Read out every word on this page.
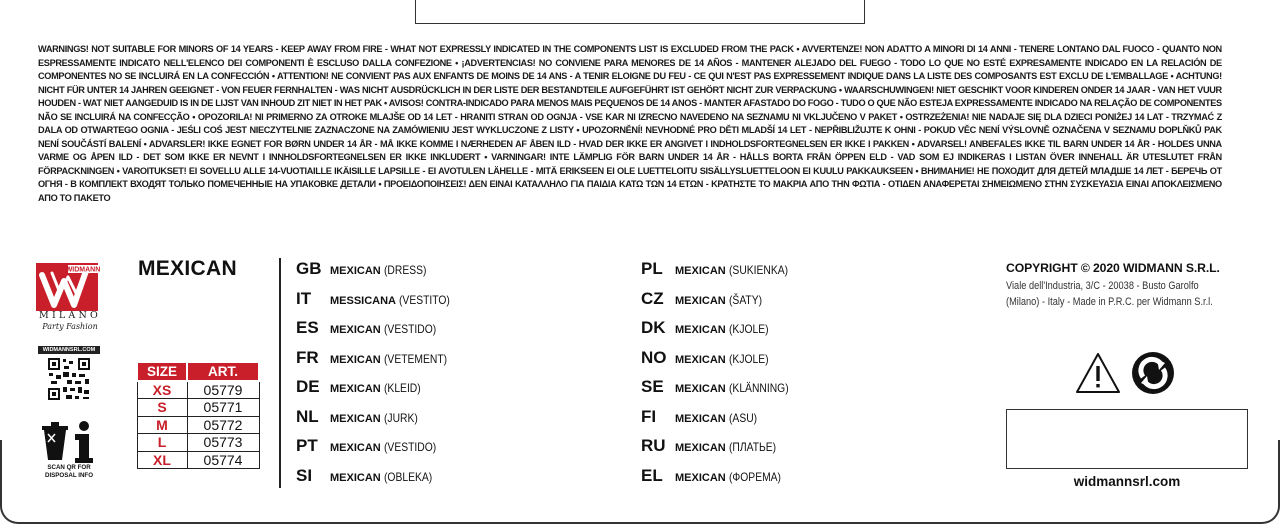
WARNINGS! NOT SUITABLE FOR MINORS OF 14 YEARS - KEEP AWAY FROM FIRE - WHAT NOT EXPRESSLY INDICATED IN THE COMPONENTS LIST IS EXCLUDED FROM THE PACK • AVVERTENZE! NON ADATTO A MINORI DI 14 ANNI - TENERE LONTANO DAL FUOCO - QUANTO NON ESPRESSAMENTE INDICATO NELL'ELENCO DEI COMPONENTI È ESCLUSO DALLA CONFEZIONE • ¡ADVERTENCIAS! NO CONVIENE PARA MENORES DE 14 AÑOS - MANTENER ALEJADO DEL FUEGO - TODO LO QUE NO ESTÉ EXPRESAMENTE INDICADO EN LA RELACIÓN DE COMPONENTES NO SE INCLUIRÁ EN LA CONFECCIÓN • ATTENTION! NE CONVIENT PAS AUX ENFANTS DE MOINS DE 14 ANS - A TENIR ELOIGNE DU FEU - CE QUI N'EST PAS EXPRESSEMENT INDIQUE DANS LA LISTE DES COMPOSANTS EST EXCLU DE L'EMBALLAGE • ACHTUNG! NICHT FÜR UNTER 14 JAHREN GEEIGNET - VON FEUER FERNHALTEN - WAS NICHT AUSDRÜCKLICH IN DER LISTE DER BESTANDTEILE AUFGEFÜHRT IST GEHÖRT NICHT ZUR VERPACKUNG • WAARSCHUWINGEN! NIET GESCHIKT VOOR KINDEREN ONDER 14 JAAR - VAN HET VUUR HOUDEN - WAT NIET AANGEDUID IS IN DE LIJST VAN INHOUD ZIT NIET IN HET PAK • AVISOS! CONTRA-INDICADO PARA MENOS MAIS PEQUENOS DE 14 ANOS - MANTER AFASTADO DO FOGO - TUDO O QUE NÃO ESTEJA EXPRESSAMENTE INDICADO NA RELAÇÃO DE COMPONENTES NÃO SE INCLUIRÁ NA CONFECÇÃO • OPOZORILA! NI PRIMERNO ZA OTROKE MLAJŠE OD 14 LET - HRANITI STRAN OD OGNJA - VSE KAR NI IZRECNO NAVEDENO NA SEZNAMU NI VKLJUČENO V PAKET • OSTRZEŻENIA! NIE NADAJE SIĘ DLA DZIECI PONIŻEJ 14 LAT - TRZYMAĆ Z DALA OD OTWARTEGO OGNIA - JEŚLI COŚ JEST NIECZYTELNIE ZAZNACZONE NA ZAMÓWIENIU JEST WYKLUCZONE Z LISTY • UPOZORNĚNÍ! NEVHODNÉ PRO DĚTI MLADŠÍ 14 LET - NEPŘIBLIŽUJTE K OHNI - POKUD VĚC NENÍ VÝSLOVNĚ OZNAČENA V SEZNAMU DOPLŇKŮ PAK NENÍ SOUČÁSTÍ BALENÍ • ADVARSLER! IKKE EGNET FOR BØRN UNDER 14 ÅR - MÅ IKKE KOMME I NÆRHEDEN AF ÅBEN ILD - HVAD DER IKKE ER ANGIVET I INDHOLDSFORTEGNELSEN ER IKKE I PAKKEN • ADVARSEL! ANBEFALES IKKE TIL BARN UNDER 14 ÅR - HOLDES UNNA VARME OG ÅPEN ILD - DET SOM IKKE ER NEVNT I INNHOLDSFORTEGNELSEN ER IKKE INKLUDERT • VARNINGAR! INTE LÄMPLIG FÖR BARN UNDER 14 ÅR - HÅLLS BORTA FRÅN ÖPPEN ELD - VAD SOM EJ INDIKERAS I LISTAN ÖVER INNEHALL ÄR UTESLUTET FRÅN FÖRPACKNINGEN • VAROITUKSET! EI SOVELLU ALLE 14-VUOTIAILLE IKÄISILLE LAPSILLE - EI AVOTULEN LÄHELLE - MITÄ ERIKSEEN EI OLE LUETTELOITU SISÄLLYSLUETTELOON EI KUULU PAKKAUKSEEN • ВНИМАНИЕ! НЕ ПОХОДИТ ДЛЯ ДЕТЕЙ МЛАДШЕ 14 ЛЕТ - БЕРЕЧЬ ОТ ОГНЯ - В КОМПЛЕКТ ВХОДЯТ ТОЛЬКО ПОМЕЧЕННЫЕ НА УПАКОВКЕ ДЕТАЛИ • ΠΡΟΕΙΔΟΠΟΙΗΣΕΙΣ! ΔΕΝ ΕΙΝΑΙ ΚΑΤΑΛΛΗΛΟ ΓΙΑ ΠΑΙΔΙΑ ΚΑΤΩ ΤΩΝ 14 ΕΤΩΝ - ΚΡΑΤΗΣΤΕ ΤΟ ΜΑΚΡΙΑ ΑΠΟ ΤΗΝ ΦΩΤΙΑ - ΟΤΙΔΕΝ ΑΝΑΦΕΡΕΤΑΙ ΣΗΜΕΙΩΜΕΝΟ ΣΤΗΝ ΣΥΣΚΕΥΑΣΙΑ ΕΙΝΑΙ ΑΠΟΚΛΕΙΣΜΕΝΟ ΑΠΟ ΤΟ ΠΑΚΕΤΟ

WIDMANN
MILANO
Party Fashion
WIDMANNSRL.COM
SCAN QR FOR
DISPOSAL INFO
MEXICAN
SIZE	ART.
XS	05779
S	05771
M	05772
L	05773
XL	05774
GB MEXICAN (DRESS)
IT	MESSICANA (VESTITO)
ES	MEXICAN (VESTIDO)
FR	MEXICAN (VETEMENT)
DE MEXICAN (KLEID)
NL	MEXICAN (JURK)
PT	MEXICAN (VESTIDO)
SI	MEXICAN (OBLEKA)
PL	MEXICAN (SUKIENKA)
CZ	MEXICAN (ŠATY)
DK MEXICAN (KJOLE)
NO MEXICAN (KJOLE)
SE	MEXICAN (KLÄNNING)
FI	MEXICAN (ASU)
RU MEXICAN (ПЛАТЬЕ)
EL	MEXICAN (ФОРЕМА)
COPYRIGHT © 2020 WIDMANN S.R.L.
Viale dell'Industria, 3/C - 20038 - Busto Garolfo
(Milano) - Italy - Made in P.R.C. per Widmann S.r.l.
widmannsrl.com
